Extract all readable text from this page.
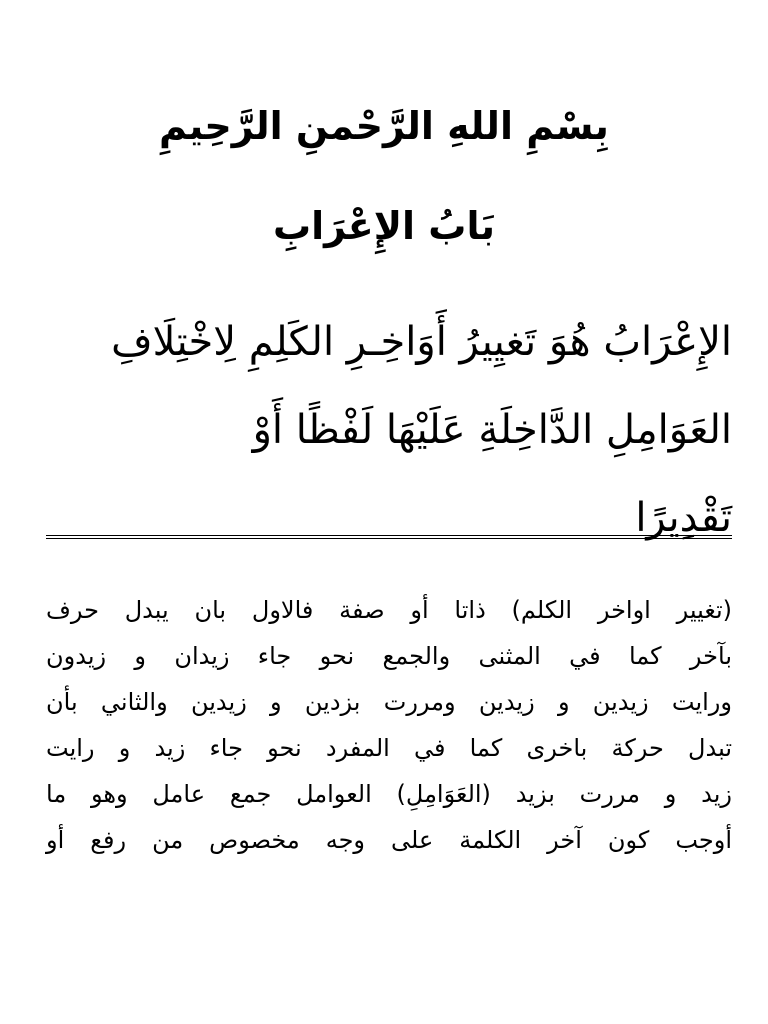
بِسْمِ اللهِ الرَّحْمنِ الرَّحِيمِ
بَابُ الإِعْرَابِ
الإِعْرَابُ هُوَ تَغيِيرُ أَوَاخِـرِ الكَلِمِ لِاخْتِلَافِ
العَوَامِلِ الدَّاخِلَةِ عَلَيْهَا لَفْظًا أَوْ
تَقْدِيرًا
(تغيير اواخر الكلم) ذاتا أو صفة فالاول بان يبدل حرف
بآخر كما في المثنى والجمع نحو جاء زيدان و زيدون
ورايت زيدين و زيدين ومررت بزدين و زيدين والثاني بأن
تبدل حركة باخرى كما في المفرد نحو جاء زيد و رايت
زيد و مررت بزيد (العَوَامِلِ) العوامل جمع عامل وهو ما
أوجب كون آخر الكلمة على وجه مخصوص من رفع أو
